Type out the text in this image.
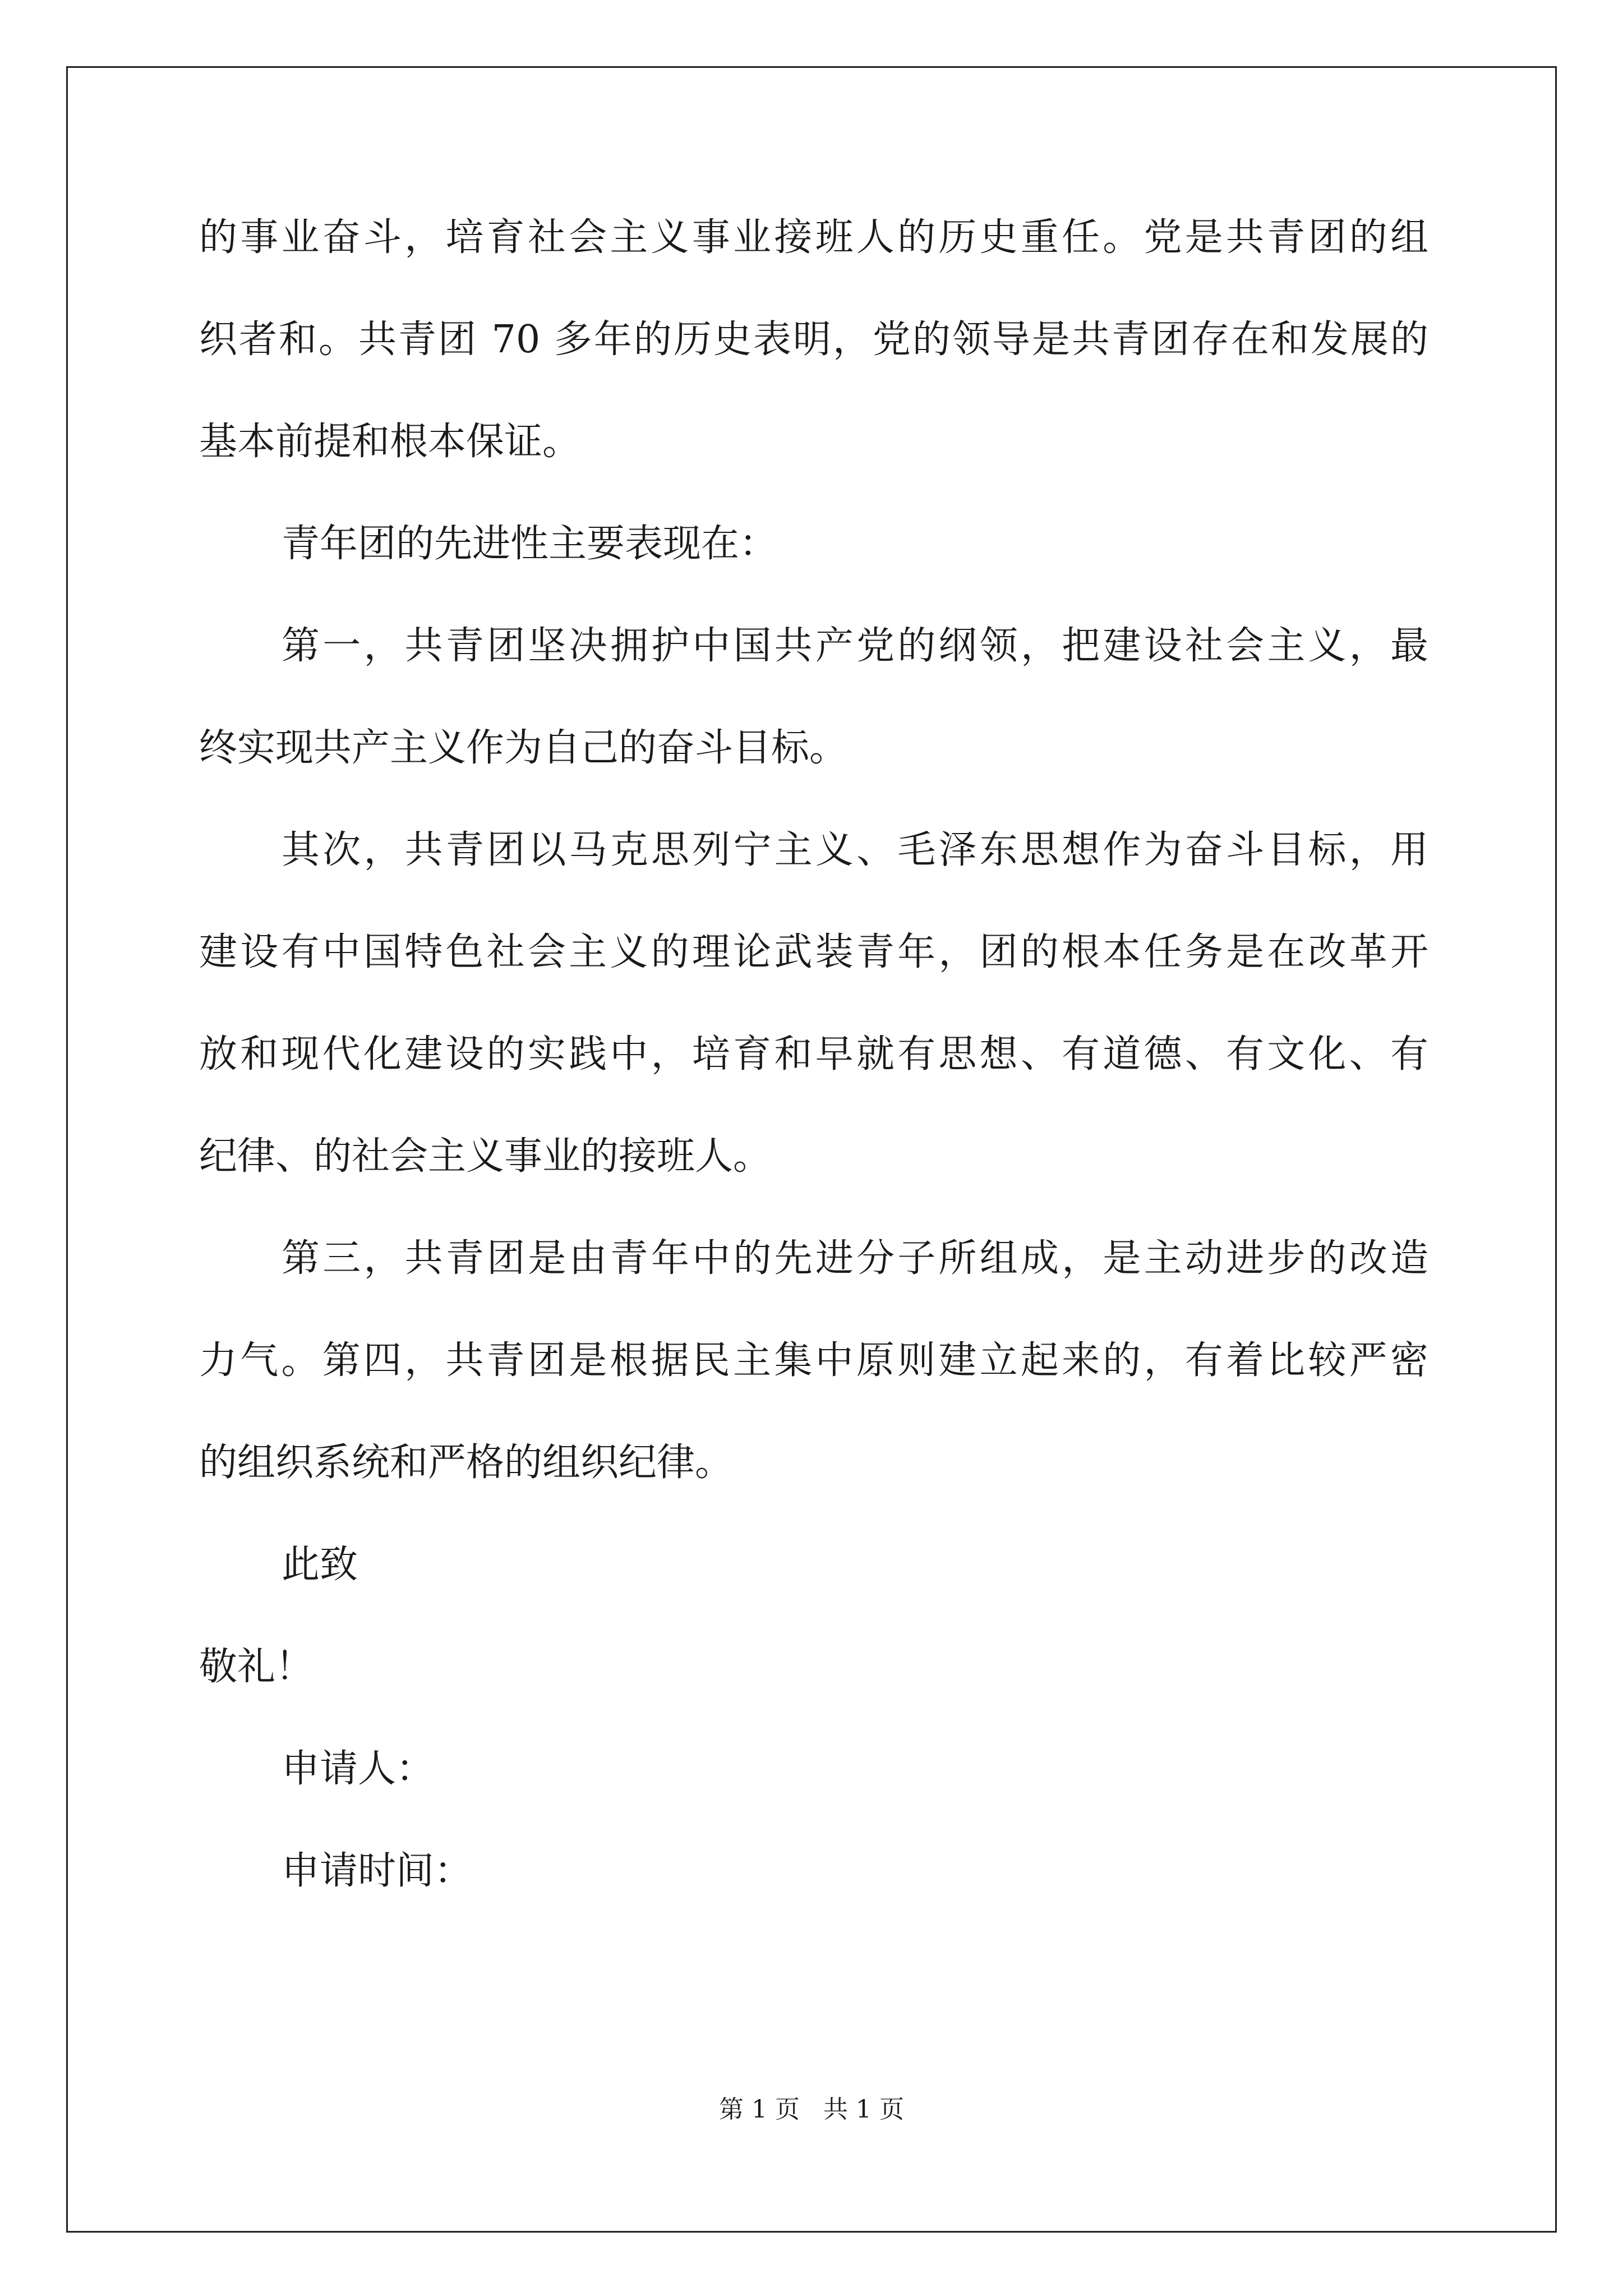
的事业奋斗，培育社会主义事业接班人的历史重任。党是共青团的组
织者和。共青团 70 多年的历史表明，党的领导是共青团存在和发展的
基本前提和根本保证。
青年团的先进性主要表现在：
第一，共青团坚决拥护中国共产党的纲领，把建设社会主义，最
终实现共产主义作为自己的奋斗目标。
其次，共青团以马克思列宁主义、毛泽东思想作为奋斗目标，用
建设有中国特色社会主义的理论武装青年，团的根本任务是在改革开
放和现代化建设的实践中，培育和早就有思想、有道德、有文化、有
纪律、的社会主义事业的接班人。
第三，共青团是由青年中的先进分子所组成，是主动进步的改造
力气。第四，共青团是根据民主集中原则建立起来的，有着比较严密
的组织系统和严格的组织纪律。
此致
敬礼！
申请人：
申请时间：
第 1 页   共 1 页
